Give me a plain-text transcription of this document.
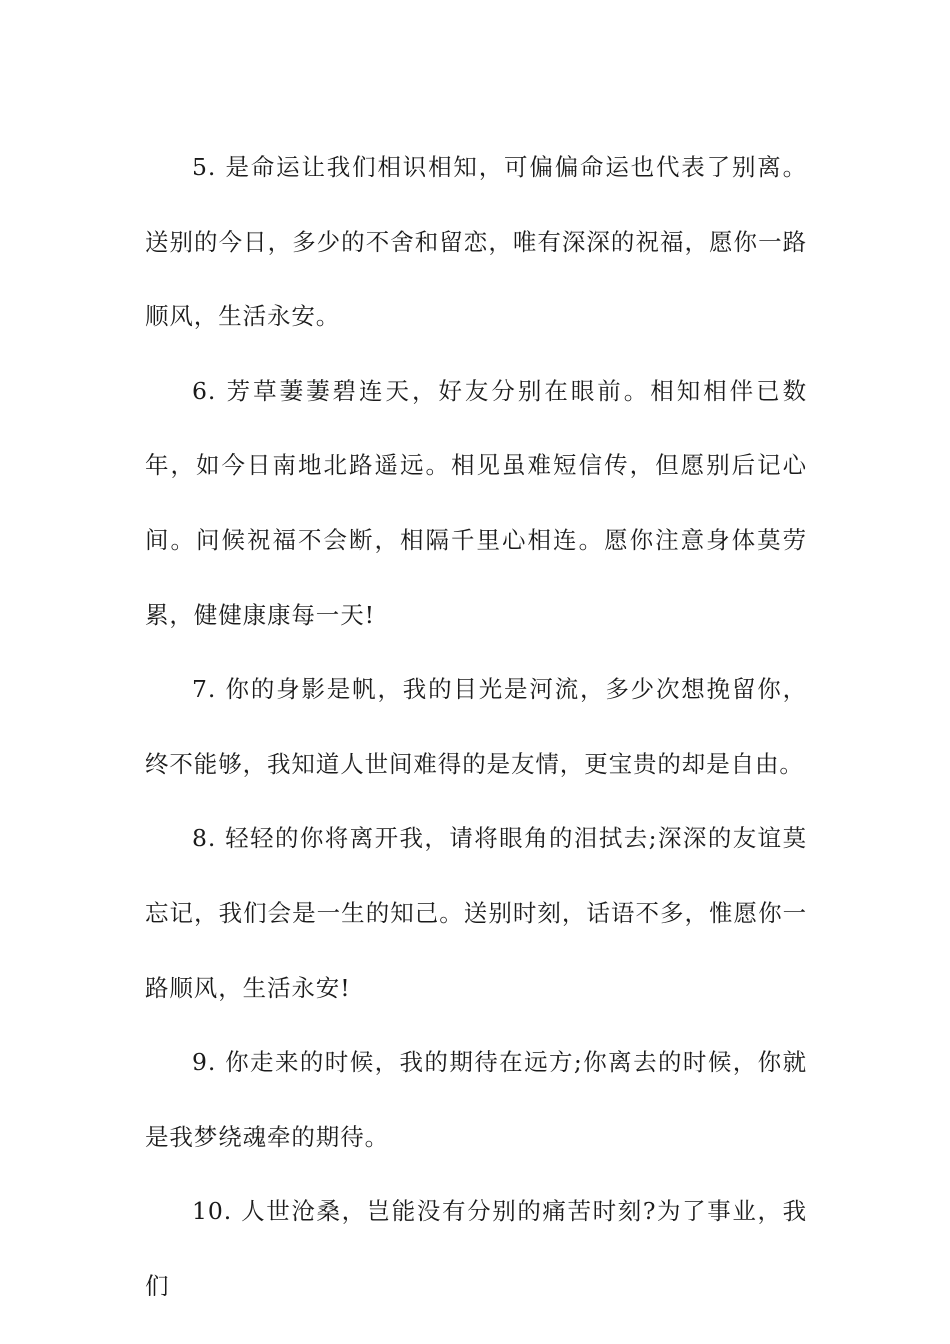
5. 是命运让我们相识相知，可偏偏命运也代表了别离。送别的今日，多少的不舍和留恋，唯有深深的祝福，愿你一路顺风，生活永安。

6. 芳草萋萋碧连天，好友分别在眼前。相知相伴已数年，如今日南地北路遥远。相见虽难短信传，但愿别后记心间。问候祝福不会断，相隔千里心相连。愿你注意身体莫劳累，健健康康每一天!

7. 你的身影是帆，我的目光是河流，多少次想挽留你，终不能够，我知道人世间难得的是友情，更宝贵的却是自由。

8. 轻轻的你将离开我，请将眼角的泪拭去;深深的友谊莫忘记，我们会是一生的知己。送别时刻，话语不多，惟愿你一路顺风，生活永安!

9. 你走来的时候，我的期待在远方;你离去的时候，你就是我梦绕魂牵的期待。

10. 人世沧桑，岂能没有分别的痛苦时刻?为了事业，我们
